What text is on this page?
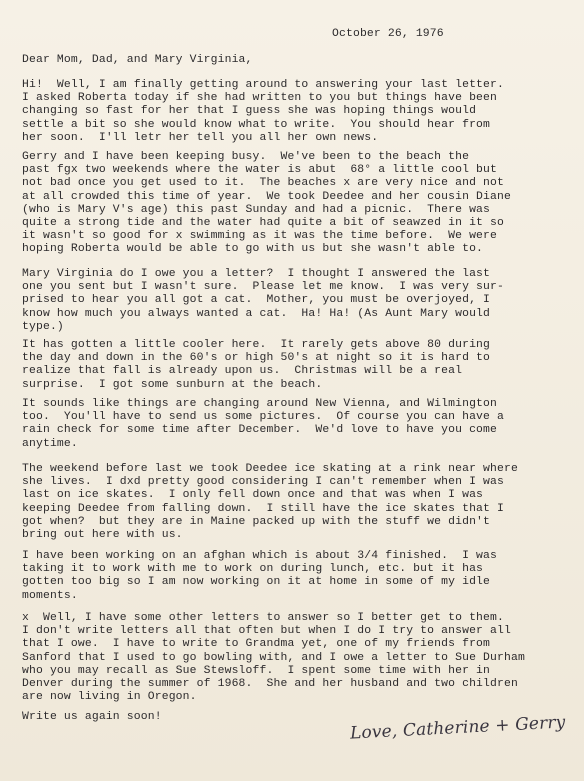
October 26, 1976
Dear Mom, Dad, and Mary Virginia,

Hi!  Well, I am finally getting around to answering your last letter.
I asked Roberta today if she had written to you but things have been
changing so fast for her that I guess she was hoping things would
settle a bit so she would know what to write.  You should hear from
her soon.  I'll letr her tell you all her own news.

Gerry and I have been keeping busy.  We've been to the beach the
past fgx two weekends where the water is abut  68° a little cool but
not bad once you get used to it.  The beaches x are very nice and not
at all crowded this time of year.  We took Deedee and her cousin Diane
(who is Mary V's age) this past Sunday and had a picnic.  There was
quite a strong tide and the water had quite a bit of seawzed in it so
it wasn't so good for x swimming as it was the time before.  We were
hoping Roberta would be able to go with us but she wasn't able to.

Mary Virginia do I owe you a letter?  I thought I answered the last
one you sent but I wasn't sure.  Please let me know.  I was very sur-
prised to hear you all got a cat.  Mother, you must be overjoyed, I
know how much you always wanted a cat.  Ha! Ha! (As Aunt Mary would
type.)

It has gotten a little cooler here.  It rarely gets above 80 during
the day and down in the 60's or high 50's at night so it is hard to
realize that fall is already upon us.  Christmas will be a real
surprise.  I got some sunburn at the beach.

It sounds like things are changing around New Vienna, and Wilmington
too.  You'll have to send us some pictures.  Of course you can have a
rain check for some time after December.  We'd love to have you come
anytime.

The weekend before last we took Deedee ice skating at a rink near where
she lives.  I dxd pretty good considering I can't remember when I was
last on ice skates.  I only fell down once and that was when I was
keeping Deedee from falling down.  I still have the ice skates that I
got when?  but they are in Maine packed up with the stuff we didn't
bring out here with us.

I have been working on an afghan which is about 3/4 finished.  I was
taking it to work with me to work on during lunch, etc. but it has
gotten too big so I am now working on it at home in some of my idle
moments.

x  Well, I have some other letters to answer so I better get to them.
I don't write letters all that often but when I do I try to answer all
that I owe.  I have to write to Grandma yet, one of my friends from
Sanford that I used to go bowling with, and I owe a letter to Sue Durham
who you may recall as Sue Stewsloff.  I spent some time with her in
Denver during the summer of 1968.  She and her husband and two children
are now living in Oregon.

Write us again soon!	Love, Catherine + Gerry
